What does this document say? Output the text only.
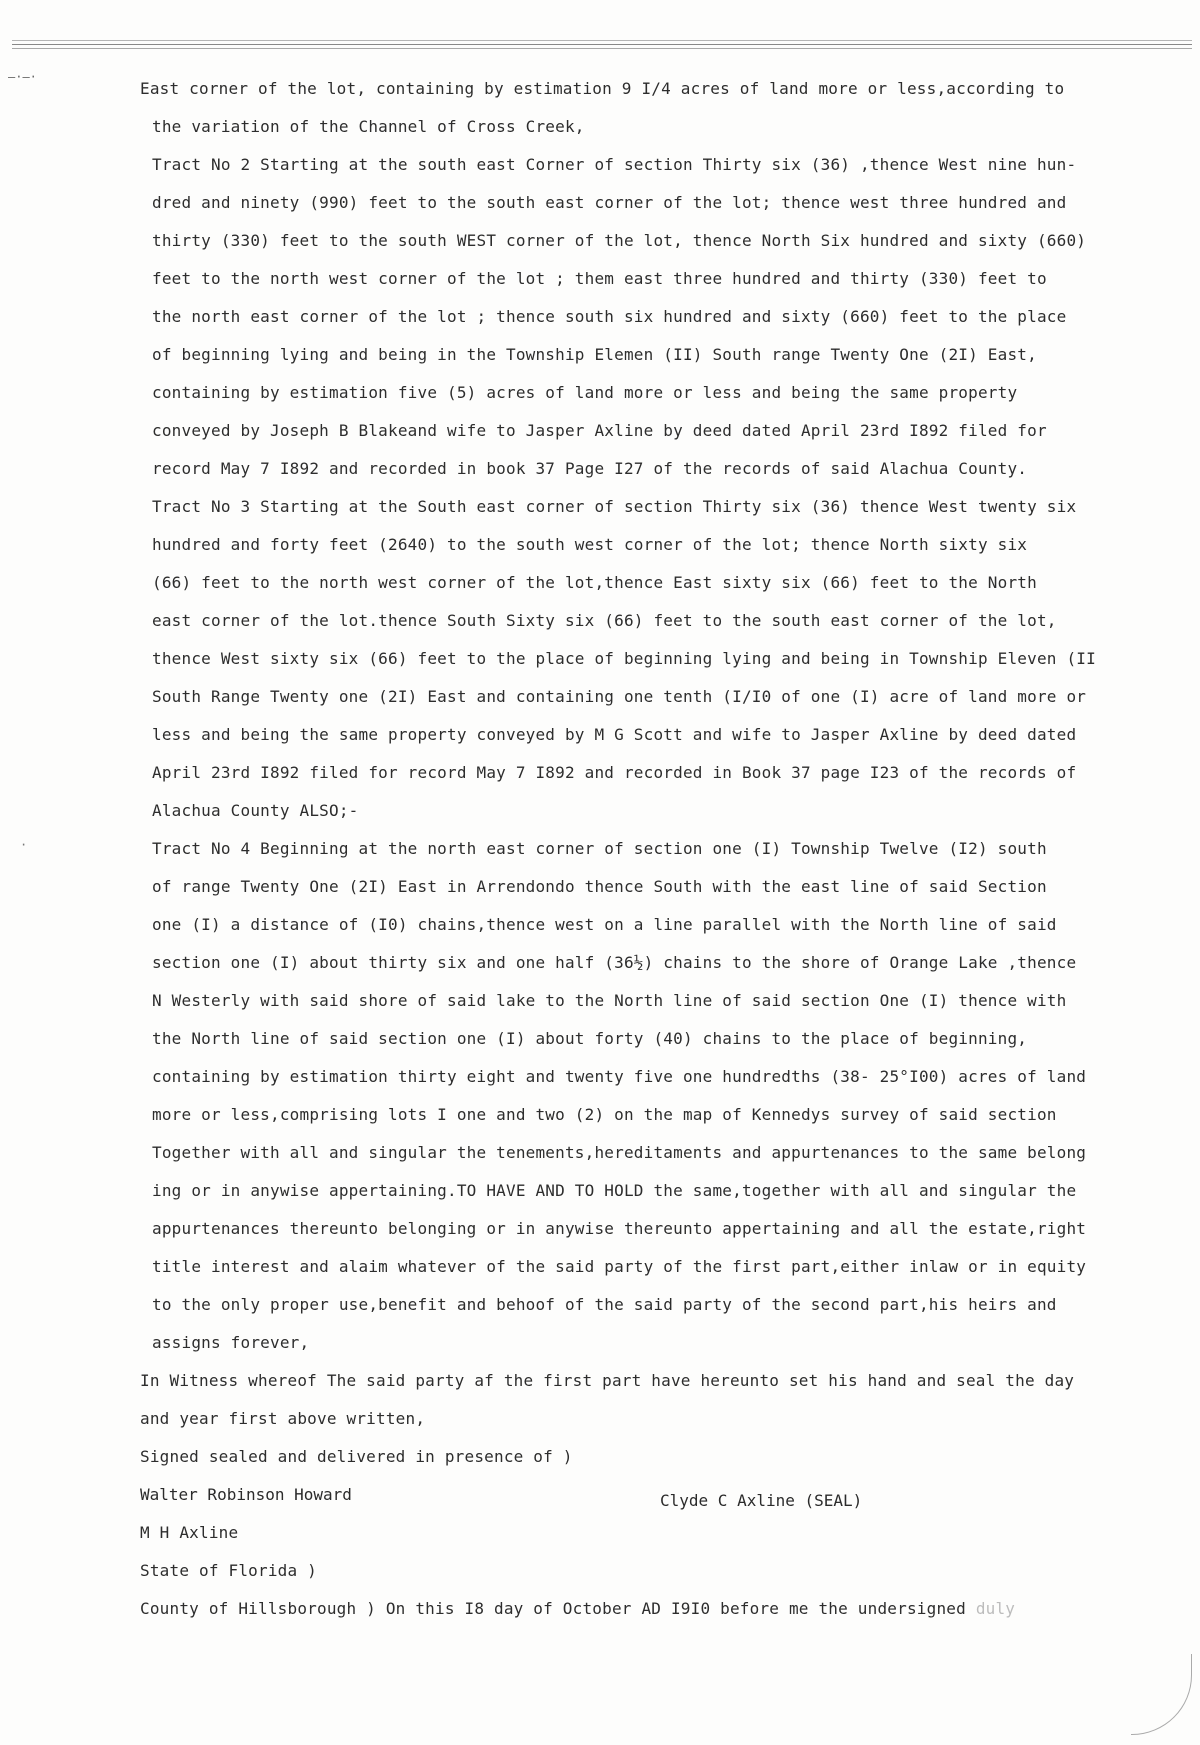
–·–·
·
East corner of the lot, containing by estimation 9 I/4 acres of land more or less,according to
the variation of the Channel of Cross Creek,
Tract No 2 Starting at the south east Corner of section Thirty six (36) ,thence West nine hun-
dred and ninety (990) feet to the south east corner of the lot; thence west three hundred and
thirty (330) feet to the south WEST corner of the lot, thence North Six hundred and sixty (660)
feet to the north west corner of the lot ; them east three hundred and thirty (330) feet to
the north east corner of the lot ; thence south six hundred and sixty (660) feet to the place
of beginning lying and being in the Township Elemen (II) South range Twenty One (2I) East,
containing by estimation five (5) acres of land more or less and being the same property
conveyed by Joseph B Blakeand wife to Jasper Axline by deed dated April 23rd I892 filed for
record May 7 I892 and recorded in book 37 Page I27 of the records of said Alachua County.
Tract No 3 Starting at the South east corner of section Thirty six (36) thence West twenty six
hundred and forty feet (2640) to the south west corner of the lot; thence North sixty six
(66) feet to the north west corner of the lot,thence East sixty six (66) feet to the North
east corner of the lot.thence South Sixty six (66) feet to the south east corner of the lot,
thence West sixty six (66) feet to the place of beginning lying and being in Township Eleven (II
South Range Twenty one (2I) East and containing one tenth (I/I0 of one (I) acre of land more or
less and being the same property conveyed by M G Scott and wife to Jasper Axline by deed dated
April 23rd I892 filed for record May 7 I892 and recorded in Book 37 page I23 of the records of
Alachua County ALSO;-
Tract No 4 Beginning at the north east corner of section one (I) Township Twelve (I2) south
of range Twenty One (2I) East in Arrendondo thence South with the east line of said Section
one (I) a distance of (I0) chains,thence west on a line parallel with the North line of said
section one (I) about thirty six and one half (36½) chains to the shore of Orange Lake ,thence
N Westerly with said shore of said lake to the North line of said section One (I) thence with
the North line of said section one (I) about forty (40) chains to the place of beginning,
containing by estimation thirty eight and twenty five one hundredths (38- 25°I00) acres of land
more or less,comprising lots I one and two (2) on the map of Kennedys survey of said section
Together with all and singular the tenements,hereditaments and appurtenances to the same belong
ing or in anywise appertaining.TO HAVE AND TO HOLD the same,together with all and singular the
appurtenances thereunto belonging or in anywise thereunto appertaining and all the estate,right
title interest and alaim whatever of the said party of the first part,either inlaw or in equity
to the only proper use,benefit and behoof of the said party of the second part,his heirs and
assigns forever,
In Witness whereof The said party af the first part have hereunto set his hand and seal the day
and year first above written,
Signed sealed and delivered in presence of )
Walter Robinson Howard	Clyde C Axline (SEAL)
M H Axline
State of Florida )
County of Hillsborough ) On this I8 day of October AD I9I0 before me the undersigned duly
